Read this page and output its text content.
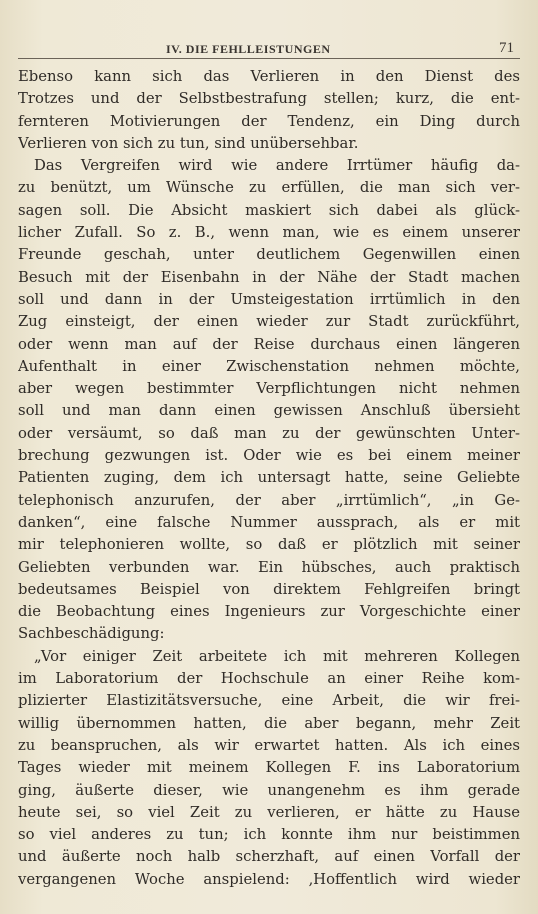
IV. DIE FEHLLEISTUNGEN	71
Ebenso kann sich das Verlieren in den Dienst des
Trotzes und der Selbstbestrafung stellen; kurz, die ent-
fernteren Motivierungen der Tendenz, ein Ding durch
Verlieren von sich zu tun, sind unübersehbar.
Das Vergreifen wird wie andere Irrtümer häufig da-
zu benützt, um Wünsche zu erfüllen, die man sich ver-
sagen soll. Die Absicht maskiert sich dabei als glück-
licher Zufall. So z. B., wenn man, wie es einem unserer
Freunde geschah, unter deutlichem Gegenwillen einen
Besuch mit der Eisenbahn in der Nähe der Stadt machen
soll und dann in der Umsteigestation irrtümlich in den
Zug einsteigt, der einen wieder zur Stadt zurückführt,
oder wenn man auf der Reise durchaus einen längeren
Aufenthalt in einer Zwischenstation nehmen möchte,
aber wegen bestimmter Verpflichtungen nicht nehmen
soll und man dann einen gewissen Anschluß übersieht
oder versäumt, so daß man zu der gewünschten Unter-
brechung gezwungen ist. Oder wie es bei einem meiner
Patienten zuging, dem ich untersagt hatte, seine Geliebte
telephonisch anzurufen, der aber „irrtümlich“, „in Ge-
danken“, eine falsche Nummer aussprach, als er mit
mir telephonieren wollte, so daß er plötzlich mit seiner
Geliebten verbunden war. Ein hübsches, auch praktisch
bedeutsames Beispiel von direktem Fehlgreifen bringt
die Beobachtung eines Ingenieurs zur Vorgeschichte einer
Sachbeschädigung:
„Vor einiger Zeit arbeitete ich mit mehreren Kollegen
im Laboratorium der Hochschule an einer Reihe kom-
plizierter Elastizitätsversuche, eine Arbeit, die wir frei-
willig übernommen hatten, die aber begann, mehr Zeit
zu beanspruchen, als wir erwartet hatten. Als ich eines
Tages wieder mit meinem Kollegen F. ins Laboratorium
ging, äußerte dieser, wie unangenehm es ihm gerade
heute sei, so viel Zeit zu verlieren, er hätte zu Hause
so viel anderes zu tun; ich konnte ihm nur beistimmen
und äußerte noch halb scherzhaft, auf einen Vorfall der
vergangenen Woche anspielend: ‚Hoffentlich wird wieder
